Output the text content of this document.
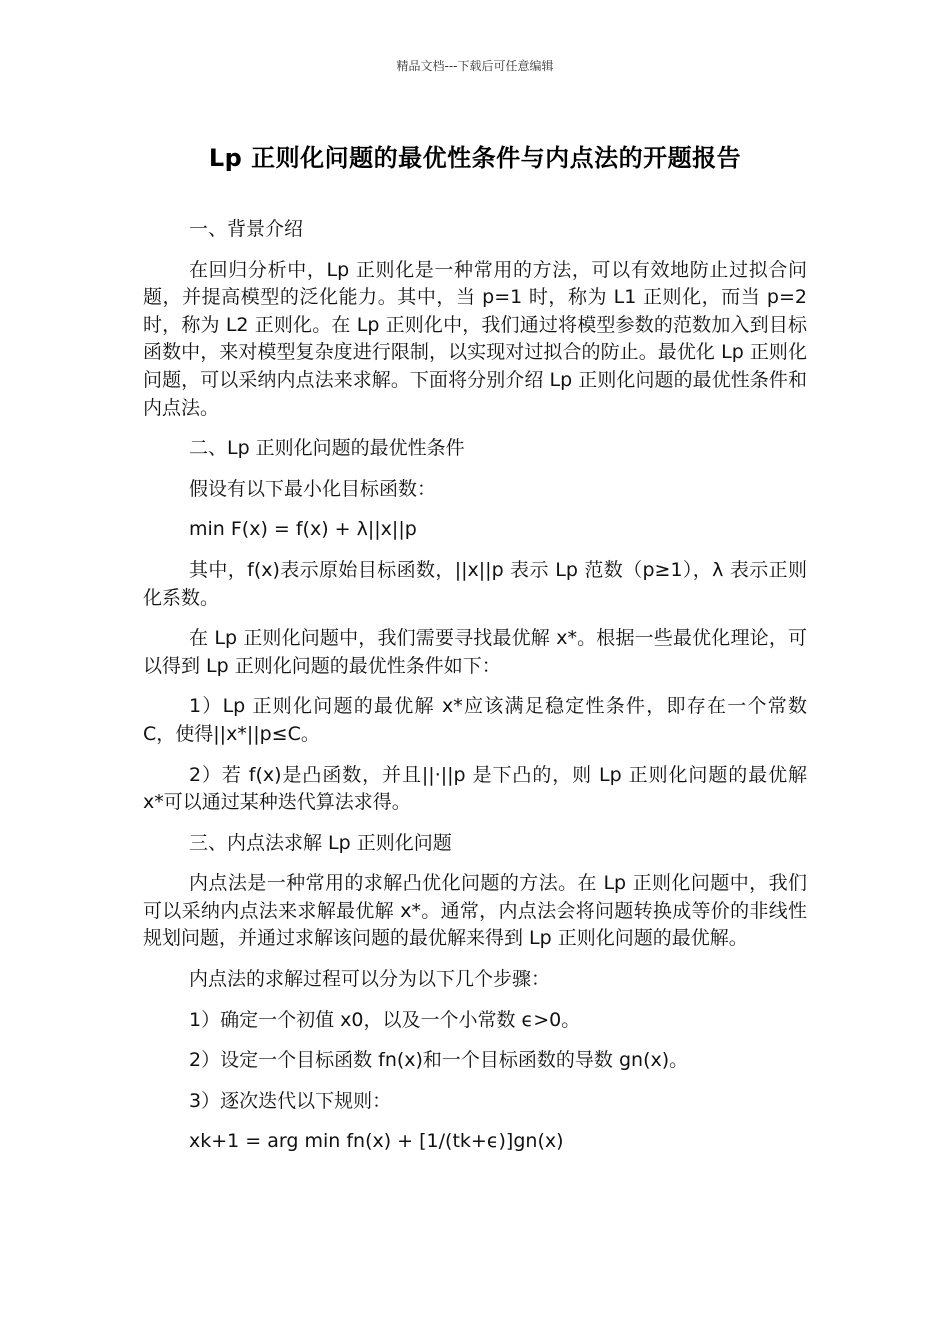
精品文档---下载后可任意编辑
Lp 正则化问题的最优性条件与内点法的开题报告

一、背景介绍

在回归分析中，Lp 正则化是一种常用的方法，可以有效地防止过拟合问题，并提高模型的泛化能力。其中，当 p=1 时，称为 L1 正则化，而当 p=2 时，称为 L2 正则化。在 Lp 正则化中，我们通过将模型参数的范数加入到目标函数中，来对模型复杂度进行限制，以实现对过拟合的防止。最优化 Lp 正则化问题，可以采纳内点法来求解。下面将分别介绍 Lp 正则化问题的最优性条件和内点法。

二、Lp 正则化问题的最优性条件

假设有以下最小化目标函数：

min F(x) = f(x) + λ||x||p

其中，f(x)表示原始目标函数，||x||p 表示 Lp 范数（p≥1），λ 表示正则化系数。

在 Lp 正则化问题中，我们需要寻找最优解 x*。根据一些最优化理论，可以得到 Lp 正则化问题的最优性条件如下：

1）Lp 正则化问题的最优解 x*应该满足稳定性条件，即存在一个常数 C，使得||x*||p≤C。

2）若 f(x)是凸函数，并且||·||p 是下凸的，则 Lp 正则化问题的最优解 x*可以通过某种迭代算法求得。

三、内点法求解 Lp 正则化问题

内点法是一种常用的求解凸优化问题的方法。在 Lp 正则化问题中，我们可以采纳内点法来求解最优解 x*。通常，内点法会将问题转换成等价的非线性规划问题，并通过求解该问题的最优解来得到 Lp 正则化问题的最优解。

内点法的求解过程可以分为以下几个步骤：

1）确定一个初值 x0，以及一个小常数 ϵ>0。

2）设定一个目标函数 fn(x)和一个目标函数的导数 gn(x)。

3）逐次迭代以下规则：

xk+1 = arg min fn(x) + [1/(tk+ϵ)]gn(x)
